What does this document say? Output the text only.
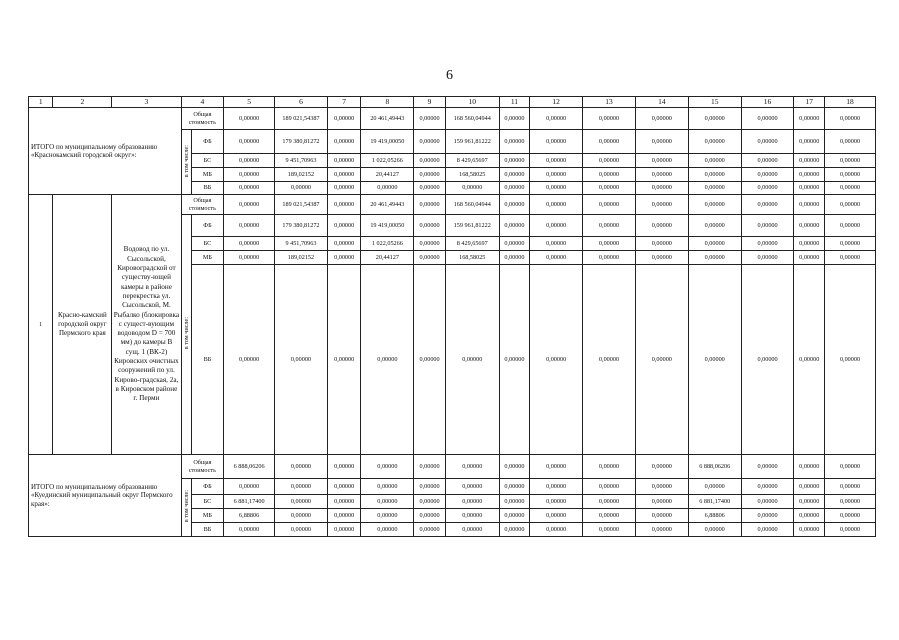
6
1	2	3	4		5	6	7	8	9	10	11	12	13	14	15	16	17	18
ИТОГО по муниципальному образованию «Краснокамский городской округ»:			Общая стоимость		0,00000	189 021,54387	0,00000	20 461,49443	0,00000	168 560,04944	0,00000	0,00000	0,00000	0,00000	0,00000	0,00000	0,00000	0,00000
			в том числе:	ФБ	0,00000	179 380,81272	0,00000	19 419,00050	0,00000	159 961,81222	0,00000	0,00000	0,00000	0,00000	0,00000	0,00000	0,00000	0,00000
				БС	0,00000	9 451,70963	0,00000	1 022,05266	0,00000	8 429,65697	0,00000	0,00000	0,00000	0,00000	0,00000	0,00000	0,00000	0,00000
				МБ	0,00000	189,02152	0,00000	20,44127	0,00000	168,58025	0,00000	0,00000	0,00000	0,00000	0,00000	0,00000	0,00000	0,00000
				ВБ	0,00000	0,00000	0,00000	0,00000	0,00000	0,00000	0,00000	0,00000	0,00000	0,00000	0,00000	0,00000	0,00000	0,00000
1	Красно-камский городской округ Пермского края	Водовод по ул. Сысольской, Кировоградской от существу-ющей камеры в районе перекрестка ул. Сысольской, М. Рыбалко (блокировка с сущест-вующим водоводом D = 700 мм) до камеры В сущ. 1 (ВК-2) Кировских очистных сооружений по ул. Кирово-градская, 2а, в Кировском районе г. Перми	Общая стоимость		0,00000	189 021,54387	0,00000	20 461,49443	0,00000	168 560,04944	0,00000	0,00000	0,00000	0,00000	0,00000	0,00000	0,00000	0,00000
			в том числе:	ФБ	0,00000	179 380,81272	0,00000	19 419,00050	0,00000	159 961,81222	0,00000	0,00000	0,00000	0,00000	0,00000	0,00000	0,00000	0,00000
				БС	0,00000	9 451,70963	0,00000	1 022,05266	0,00000	8 429,65697	0,00000	0,00000	0,00000	0,00000	0,00000	0,00000	0,00000	0,00000
				МБ	0,00000	189,02152	0,00000	20,44127	0,00000	168,58025	0,00000	0,00000	0,00000	0,00000	0,00000	0,00000	0,00000	0,00000
				ВБ	0,00000	0,00000	0,00000	0,00000	0,00000	0,00000	0,00000	0,00000	0,00000	0,00000	0,00000	0,00000	0,00000	0,00000
ИТОГО по муниципальному образованию «Куединский муниципальный округ Пермского края»:			Общая стоимость		6 888,06206	0,00000	0,00000	0,00000	0,00000	0,00000	0,00000	0,00000	0,00000	0,00000	6 888,06206	0,00000	0,00000	0,00000
			в том числе:	ФБ	0,00000	0,00000	0,00000	0,00000	0,00000	0,00000	0,00000	0,00000	0,00000	0,00000	0,00000	0,00000	0,00000	0,00000
				БС	6 881,17400	0,00000	0,00000	0,00000	0,00000	0,00000	0,00000	0,00000	0,00000	0,00000	6 881,17400	0,00000	0,00000	0,00000
				МБ	6,88806	0,00000	0,00000	0,00000	0,00000	0,00000	0,00000	0,00000	0,00000	0,00000	6,88806	0,00000	0,00000	0,00000
				ВБ	0,00000	0,00000	0,00000	0,00000	0,00000	0,00000	0,00000	0,00000	0,00000	0,00000	0,00000	0,00000	0,00000	0,00000
